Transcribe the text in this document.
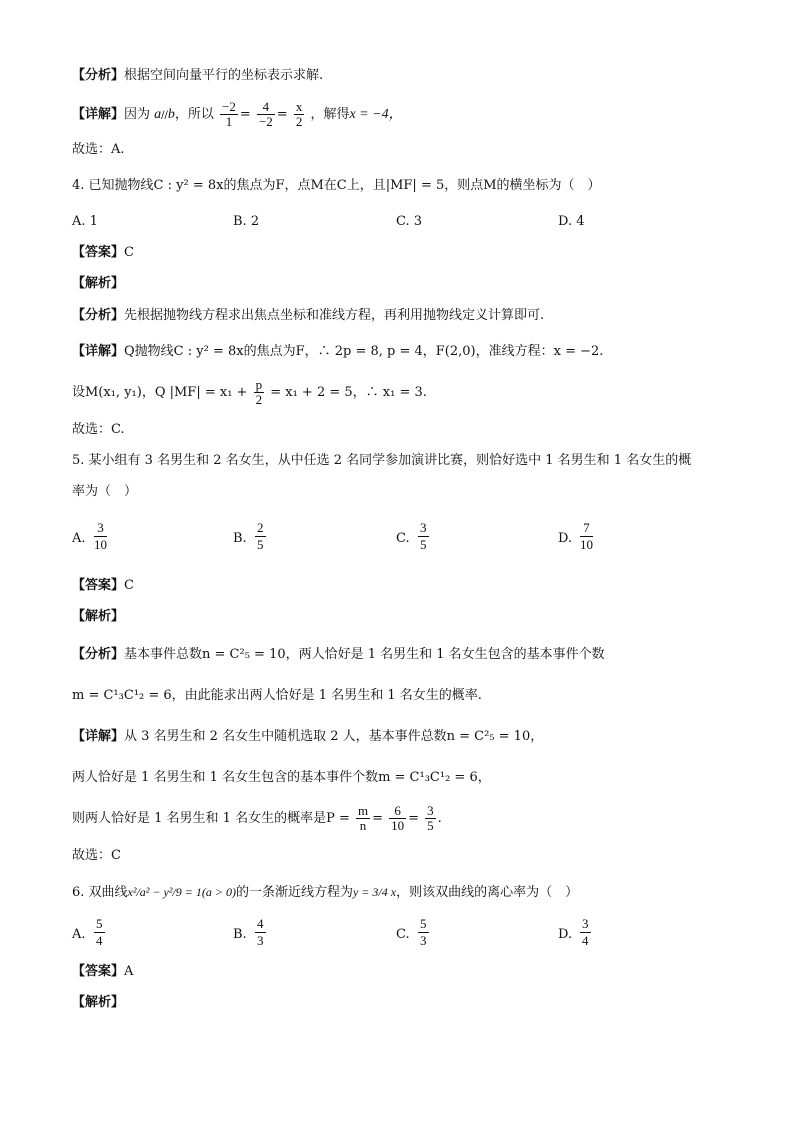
【分析】根据空间向量平行的坐标表示求解.
【详解】因为 a//b，所以 $\frac{-2}{1} = \frac{4}{-2} = \frac{x}{2}$ ，解得x = −4，
故选：A.
4. 已知抛物线C : y² = 8x的焦点为F，点M在C上，且|MF| = 5，则点M的横坐标为（　）
A. 1	B. 2	C. 3	D. 4
【答案】C
【解析】
【分析】先根据抛物线方程求出焦点坐标和准线方程，再利用抛物线定义计算即可.
【详解】Q抛物线C : y² = 8x的焦点为F，∴ 2p = 8, p = 4，F(2,0)，准线方程：x = −2.
设M(x₁, y₁)，Q $|MF| = x_1 + \frac{p}{2} = x_1 + 2 = 5$，∴ x₁ = 3.
故选：C.
5. 某小组有 3 名男生和 2 名女生，从中任选 2 名同学参加演讲比赛，则恰好选中 1 名男生和 1 名女生的概
率为（　）
A.
3
10	B.
2
5	C.
3
5	D.
7
10
【答案】C
【解析】
【分析】基本事件总数n = C²₅ = 10，两人恰好是 1 名男生和 1 名女生包含的基本事件个数
m = C¹₃C¹₂ = 6，由此能求出两人恰好是 1 名男生和 1 名女生的概率.
【详解】从 3 名男生和 2 名女生中随机选取 2 人，基本事件总数n = C²₅ = 10，
两人恰好是 1 名男生和 1 名女生包含的基本事件个数m = C¹₃C¹₂ = 6，
则两人恰好是 1 名男生和 1 名女生的概率是$P = \frac{m}{n} = \frac{6}{10} = \frac{3}{5}$ .
故选：C
6. 双曲线x²/a² − y²/9 = 1(a > 0)的一条渐近线方程为y = 3/4 x，则该双曲线的离心率为（　）
A.
5
4	B.
4
3	C.
5
3	D.
3
4
【答案】A
【解析】
